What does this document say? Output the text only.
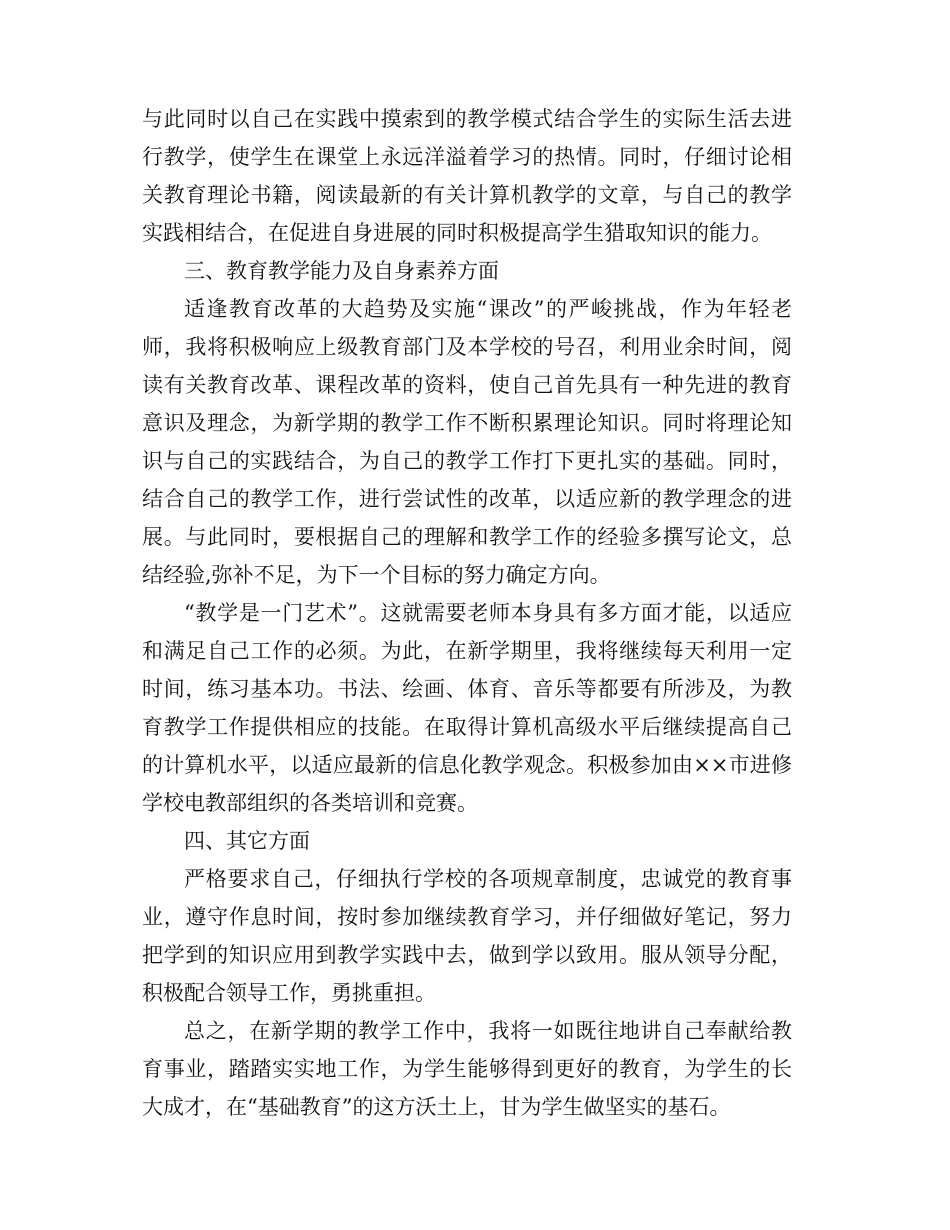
与此同时以自己在实践中摸索到的教学模式结合学生的实际生活去进行教学，使学生在课堂上永远洋溢着学习的热情。同时，仔细讨论相关教育理论书籍，阅读最新的有关计算机教学的文章，与自己的教学实践相结合，在促进自身进展的同时积极提高学生猎取知识的能力。

三、教育教学能力及自身素养方面

适逢教育改革的大趋势及实施“课改”的严峻挑战，作为年轻老师，我将积极响应上级教育部门及本学校的号召，利用业余时间，阅读有关教育改革、课程改革的资料，使自己首先具有一种先进的教育意识及理念，为新学期的教学工作不断积累理论知识。同时将理论知识与自己的实践结合，为自己的教学工作打下更扎实的基础。同时，结合自己的教学工作，进行尝试性的改革，以适应新的教学理念的进展。与此同时，要根据自己的理解和教学工作的经验多撰写论文，总结经验,弥补不足，为下一个目标的努力确定方向。

“教学是一门艺术”。这就需要老师本身具有多方面才能，以适应和满足自己工作的必须。为此，在新学期里，我将继续每天利用一定时间，练习基本功。书法、绘画、体育、音乐等都要有所涉及，为教育教学工作提供相应的技能。在取得计算机高级水平后继续提高自己的计算机水平，以适应最新的信息化教学观念。积极参加由××市进修学校电教部组织的各类培训和竞赛。

四、其它方面

严格要求自己，仔细执行学校的各项规章制度，忠诚党的教育事业，遵守作息时间，按时参加继续教育学习，并仔细做好笔记，努力把学到的知识应用到教学实践中去，做到学以致用。服从领导分配，积极配合领导工作，勇挑重担。

总之，在新学期的教学工作中，我将一如既往地讲自己奉献给教育事业，踏踏实实地工作，为学生能够得到更好的教育，为学生的长大成才，在“基础教育”的这方沃土上，甘为学生做坚实的基石。
